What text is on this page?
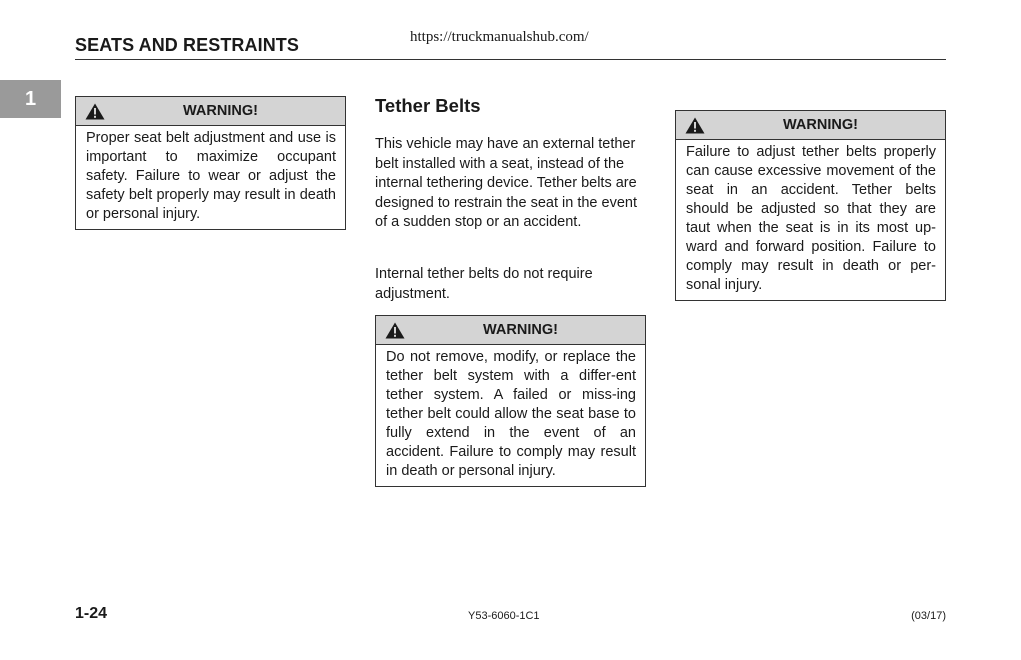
SEATS AND RESTRAINTS	https://truckmanualshub.com/
1
WARNING!
Proper seat belt adjustment and use is important to maximize occupant safety. Failure to wear or adjust the safety belt properly may result in death or personal injury.
Tether Belts
This vehicle may have an external tether belt installed with a seat, instead of the internal tethering device. Tether belts are designed to restrain the seat in the event of a sudden stop or an accident.
Internal tether belts do not require adjustment.
WARNING!
Do not remove, modify, or replace the tether belt system with a differ-ent tether system. A failed or miss-ing tether belt could allow the seat base to fully extend in the event of an accident. Failure to comply may result in death or personal injury.
WARNING!
Failure to adjust tether belts properly can cause excessive movement of the seat in an accident. Tether belts should be adjusted so that they are taut when the seat is in its most up-ward and forward position. Failure to comply may result in death or per-sonal injury.
1-24	Y53-6060-1C1	(03/17)
